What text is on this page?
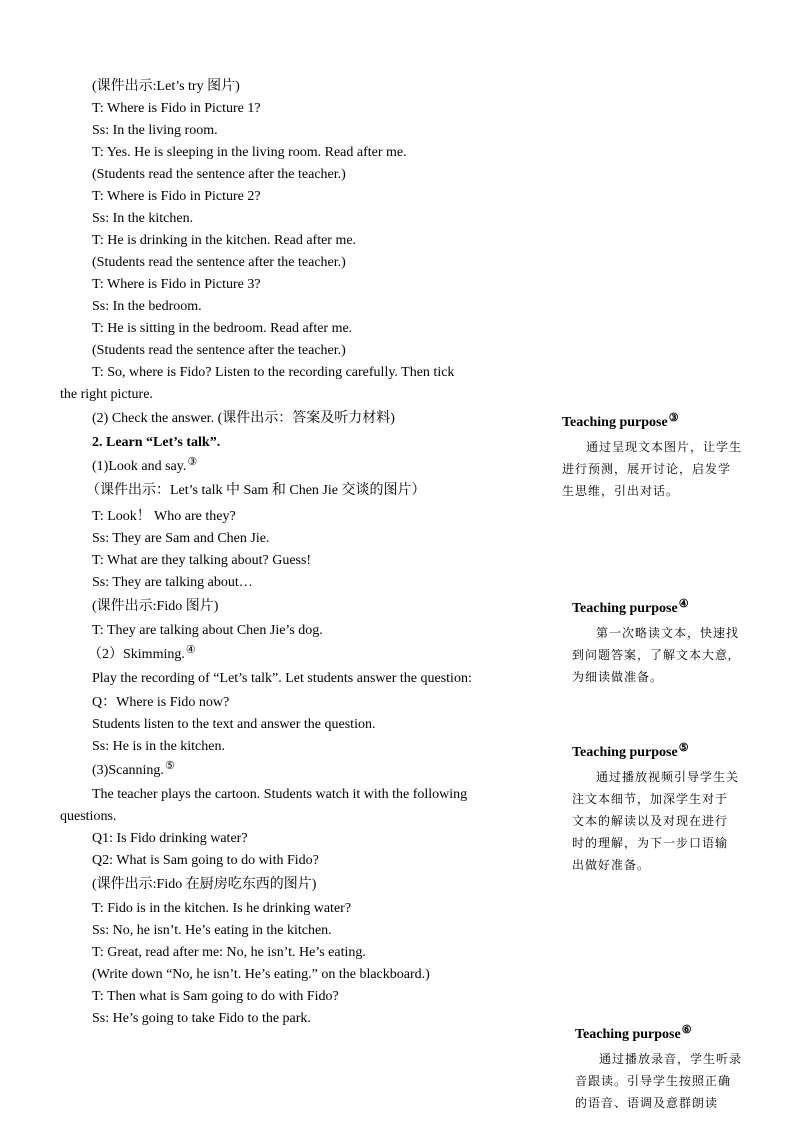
(课件出示:Let’s try 图片)
T: Where is Fido in Picture 1?
Ss: In the living room.
T: Yes. He is sleeping in the living room. Read after me.
(Students read the sentence after the teacher.)
T: Where is Fido in Picture 2?
Ss: In the kitchen.
T: He is drinking in the kitchen. Read after me.
(Students read the sentence after the teacher.)
T: Where is Fido in Picture 3?
Ss: In the bedroom.
T: He is sitting in the bedroom. Read after me.
(Students read the sentence after the teacher.)
T: So, where is Fido? Listen to the recording carefully. Then tick
the right picture.
(2) Check the answer. (课件出示：答案及听力材料)
2. Learn “Let’s talk”.
(1)Look and say.③
（课件出示：Let’s talk 中 Sam 和 Chen Jie 交谈的图片）
T: Look！ Who are they?
Ss: They are Sam and Chen Jie.
T: What are they talking about? Guess!
Ss: They are talking about…
(课件出示:Fido 图片)
T: They are talking about Chen Jie’s dog.
（2）Skimming.④
Play the recording of “Let’s talk”. Let students answer the question:
Q：Where is Fido now?
Students listen to the text and answer the question.
Ss: He is in the kitchen.
(3)Scanning.⑤
The teacher plays the cartoon. Students watch it with the following
questions.
Q1: Is Fido drinking water?
Q2: What is Sam going to do with Fido?
(课件出示:Fido 在厨房吃东西的图片)
T: Fido is in the kitchen. Is he drinking water?
Ss: No, he isn’t. He’s eating in the kitchen.
T: Great, read after me: No, he isn’t. He’s eating.
(Write down “No, he isn’t. He’s eating.” on the blackboard.)
T: Then what is Sam going to do with Fido?
Ss: He’s going to take Fido to the park.
Teaching purpose③
通过呈现文本图片，让学生进行预测，展开讨论，启发学生思维，引出对话。
Teaching purpose④
第一次略读文本，快速找到问题答案，了解文本大意,为细读做准备。
Teaching purpose⑤
通过播放视频引导学生关注文本细节，加深学生对于文本的解读以及对现在进行时的理解，为下一步口语输出做好准备。
Teaching purpose⑥
通过播放录音，学生听录音跟读。引导学生按照正确的语音、语调及意群朗读
